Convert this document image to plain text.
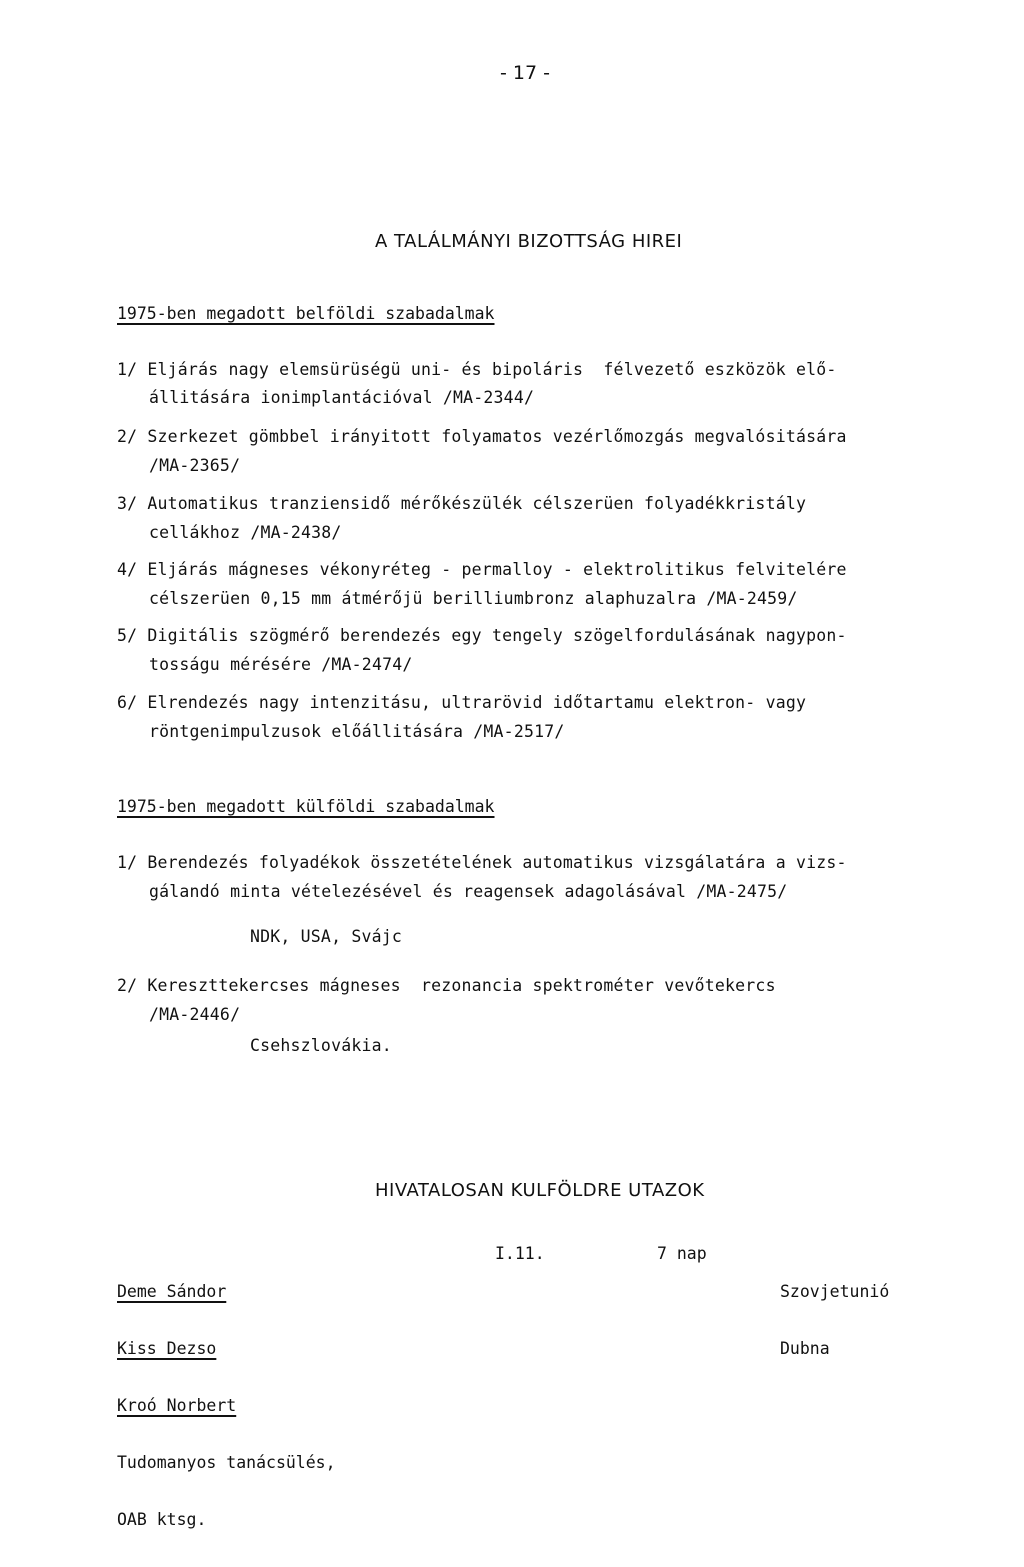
- 17 -
A TALÁLMÁNYI BIZOTTSÁG HIREI
1975-ben megadott belföldi szabadalmak
1/ Eljárás nagy elemsürüségü uni- és bipoláris  félvezető eszközök elő-
állitására ionimplantációval /MA-2344/
2/ Szerkezet gömbbel irányitott folyamatos vezérlőmozgás megvalósitására
/MA-2365/
3/ Automatikus tranziensidő mérőkészülék célszerüen folyadékkristály
cellákhoz /MA-2438/
4/ Eljárás mágneses vékonyréteg - permalloy - elektrolitikus felvitelére
célszerüen 0,15 mm átmérőjü berilliumbronz alaphuzalra /MA-2459/
5/ Digitális szögmérő berendezés egy tengely szögelfordulásának nagypon-
tosságu mérésére /MA-2474/
6/ Elrendezés nagy intenzitásu, ultrarövid időtartamu elektron- vagy
röntgenimpulzusok előállitására /MA-2517/
1975-ben megadott külföldi szabadalmak
1/ Berendezés folyadékok összetételének automatikus vizsgálatára a vizs-
gálandó minta vételezésével és reagensek adagolásával /MA-2475/
NDK, USA, Svájc
2/ Kereszttekercses mágneses  rezonancia spektrométer vevőtekercs
/MA-2446/
Csehszlovákia.
HIVATALOSAN KULFÖLDRE UTAZOK

Deme Sándor

Kiss Dezso

Kroó Norbert

Tudomanyos tanácsülés,

OAB ktsg.

I.11.	7 nap

Szovjetunió

Dubna
